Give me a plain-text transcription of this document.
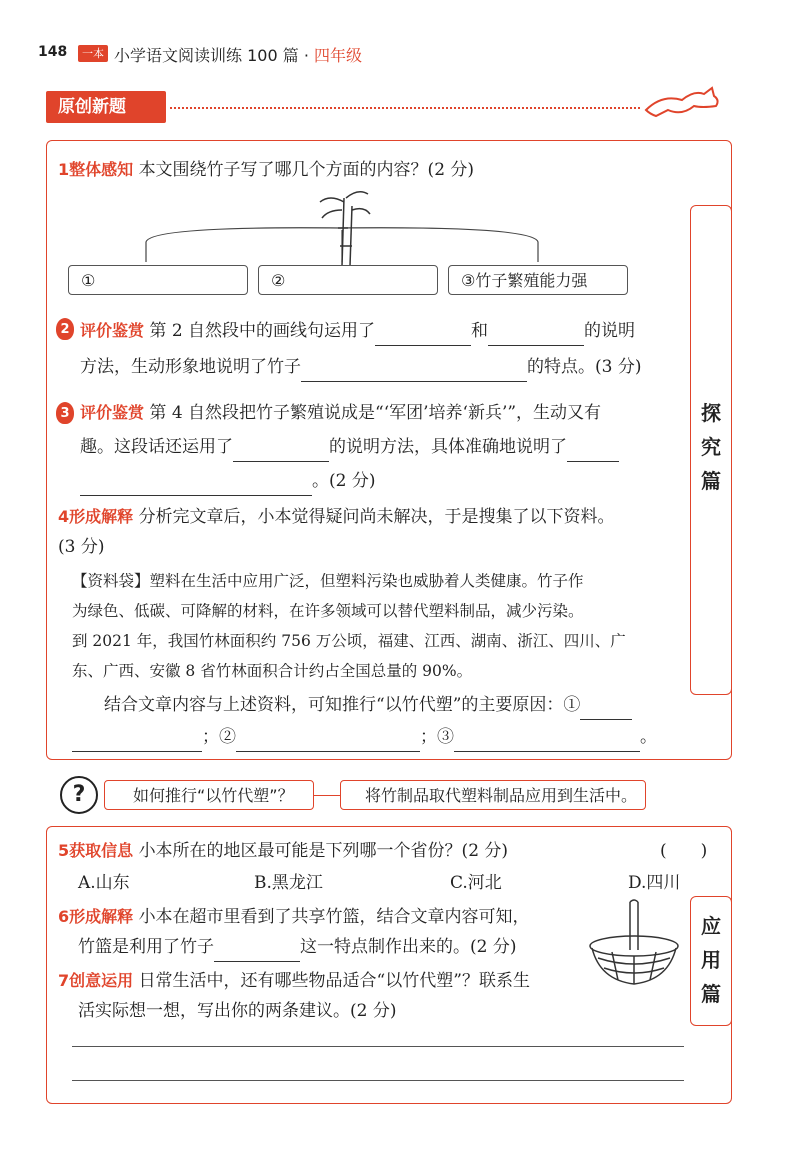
148	一本 小学语文阅读训练 100 篇 · 四年级
原创新题
探
究
篇
1整体感知 本文围绕竹子写了哪几个方面的内容？(2 分)
①	②	③竹子繁殖能力强
2 评价鉴赏 第 2 自然段中的画线句运用了	和	的说明
方法，生动形象地说明了竹子	的特点。(3 分)
3 评价鉴赏 第 4 自然段把竹子繁殖说成是“‘军团’培养‘新兵’”，生动又有
趣。这段话还运用了	的说明方法，具体准确地说明了
。(2 分)
4形成解释 分析完文章后，小本觉得疑问尚未解决，于是搜集了以下资料。
(3 分)
【资料袋】塑料在生活中应用广泛，但塑料污染也威胁着人类健康。竹子作
为绿色、低碳、可降解的材料，在许多领域可以替代塑料制品，减少污染。
到 2021 年，我国竹林面积约 756 万公顷，福建、江西、湖南、浙江、四川、广
东、广西、安徽 8 省竹林面积合计约占全国总量的 90%。
结合文章内容与上述资料，可知推行“以竹代塑”的主要原因：①
；②	；③	。
?	如何推行“以竹代塑”？	将竹制品取代塑料制品应用到生活中。
应
用
篇
5获取信息 小本所在的地区最可能是下列哪一个省份？(2 分)	(　　)
A.山东	B.黑龙江	C.河北	D.四川
6形成解释 小本在超市里看到了共享竹篮，结合文章内容可知，
竹篮是利用了竹子	这一特点制作出来的。(2 分)
7创意运用 日常生活中，还有哪些物品适合“以竹代塑”？联系生
活实际想一想，写出你的两条建议。(2 分)
